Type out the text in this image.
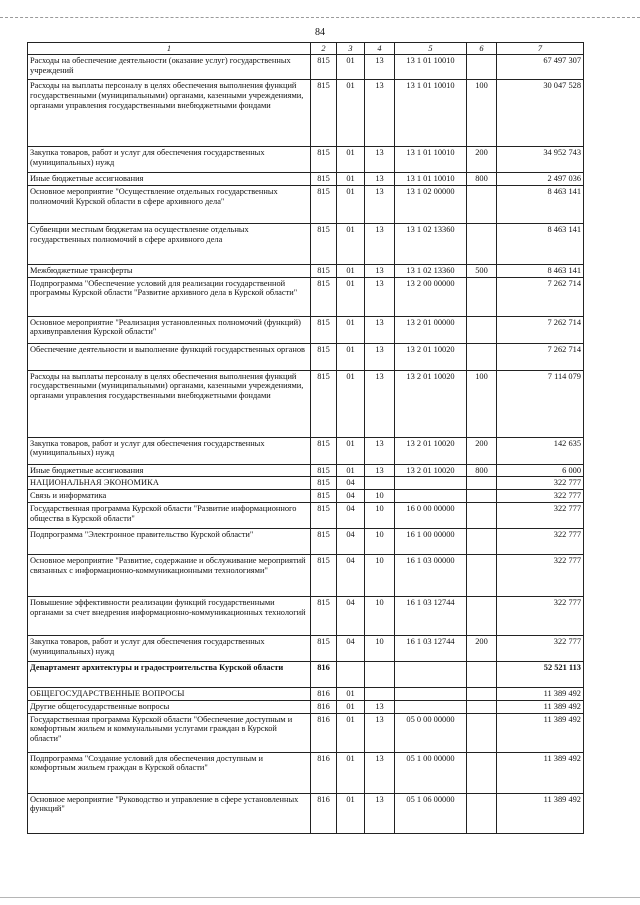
84
1	2	3	4	5	6	7
Расходы на обеспечение деятельности (оказание услуг) государственных учреждений	815	01	13	13 1 01 10010		67 497 307
Расходы на выплаты персоналу в целях обеспечения выполнения функций государственными (муниципальными) органами, казенными учреждениями, органами управления государственными внебюджетными фондами	815	01	13	13 1 01 10010	100	30 047 528
Закупка товаров, работ и услуг для обеспечения государственных (муниципальных) нужд	815	01	13	13 1 01 10010	200	34 952 743
Иные бюджетные ассигнования	815	01	13	13 1 01 10010	800	2 497 036
Основное мероприятие "Осуществление отдельных государственных полномочий Курской области в сфере архивного дела"	815	01	13	13 1 02 00000		8 463 141
Субвенции местным бюджетам на осуществление отдельных государственных полномочий в сфере архивного дела	815	01	13	13 1 02 13360		8 463 141
Межбюджетные трансферты	815	01	13	13 1 02 13360	500	8 463 141
Подпрограмма "Обеспечение условий для реализации государственной программы Курской области "Развитие архивного дела в Курской области"	815	01	13	13 2 00 00000		7 262 714
Основное мероприятие "Реализация установленных полномочий (функций) архивуправления Курской области"	815	01	13	13 2 01 00000		7 262 714
Обеспечение деятельности и выполнение функций государственных органов	815	01	13	13 2 01 10020		7 262 714
Расходы на выплаты персоналу в целях обеспечения выполнения функций государственными (муниципальными) органами, казенными учреждениями, органами управления государственными внебюджетными фондами	815	01	13	13 2 01 10020	100	7 114 079
Закупка товаров, работ и услуг для обеспечения государственных (муниципальных) нужд	815	01	13	13 2 01 10020	200	142 635
Иные бюджетные ассигнования	815	01	13	13 2 01 10020	800	6 000
НАЦИОНАЛЬНАЯ ЭКОНОМИКА	815	04				322 777
Связь и информатика	815	04	10			322 777
Государственная программа Курской области "Развитие информационного общества в Курской области"	815	04	10	16 0 00 00000		322 777
Подпрограмма "Электронное правительство Курской области"	815	04	10	16 1 00 00000		322 777
Основное мероприятие "Развитие, содержание и обслуживание мероприятий связанных с информационно-коммуникационными технологиями"	815	04	10	16 1 03 00000		322 777
Повышение эффективности реализации функций государственными органами за счет внедрения информационно-коммуникационных технологий	815	04	10	16 1 03 12744		322 777
Закупка товаров, работ и услуг для обеспечения государственных (муниципальных) нужд	815	04	10	16 1 03 12744	200	322 777
Департамент архитектуры и градостроительства Курской области	816					52 521 113
ОБЩЕГОСУДАРСТВЕННЫЕ ВОПРОСЫ	816	01				11 389 492
Другие общегосударственные вопросы	816	01	13			11 389 492
Государственная программа Курской области "Обеспечение доступным и комфортным жильем и коммунальными услугами граждан в Курской области"	816	01	13	05 0 00 00000		11 389 492
Подпрограмма "Создание условий для обеспечения доступным и комфортным жильем граждан в Курской области"	816	01	13	05 1 00 00000		11 389 492
Основное мероприятие "Руководство и управление в сфере установленных функций"	816	01	13	05 1 06 00000		11 389 492
